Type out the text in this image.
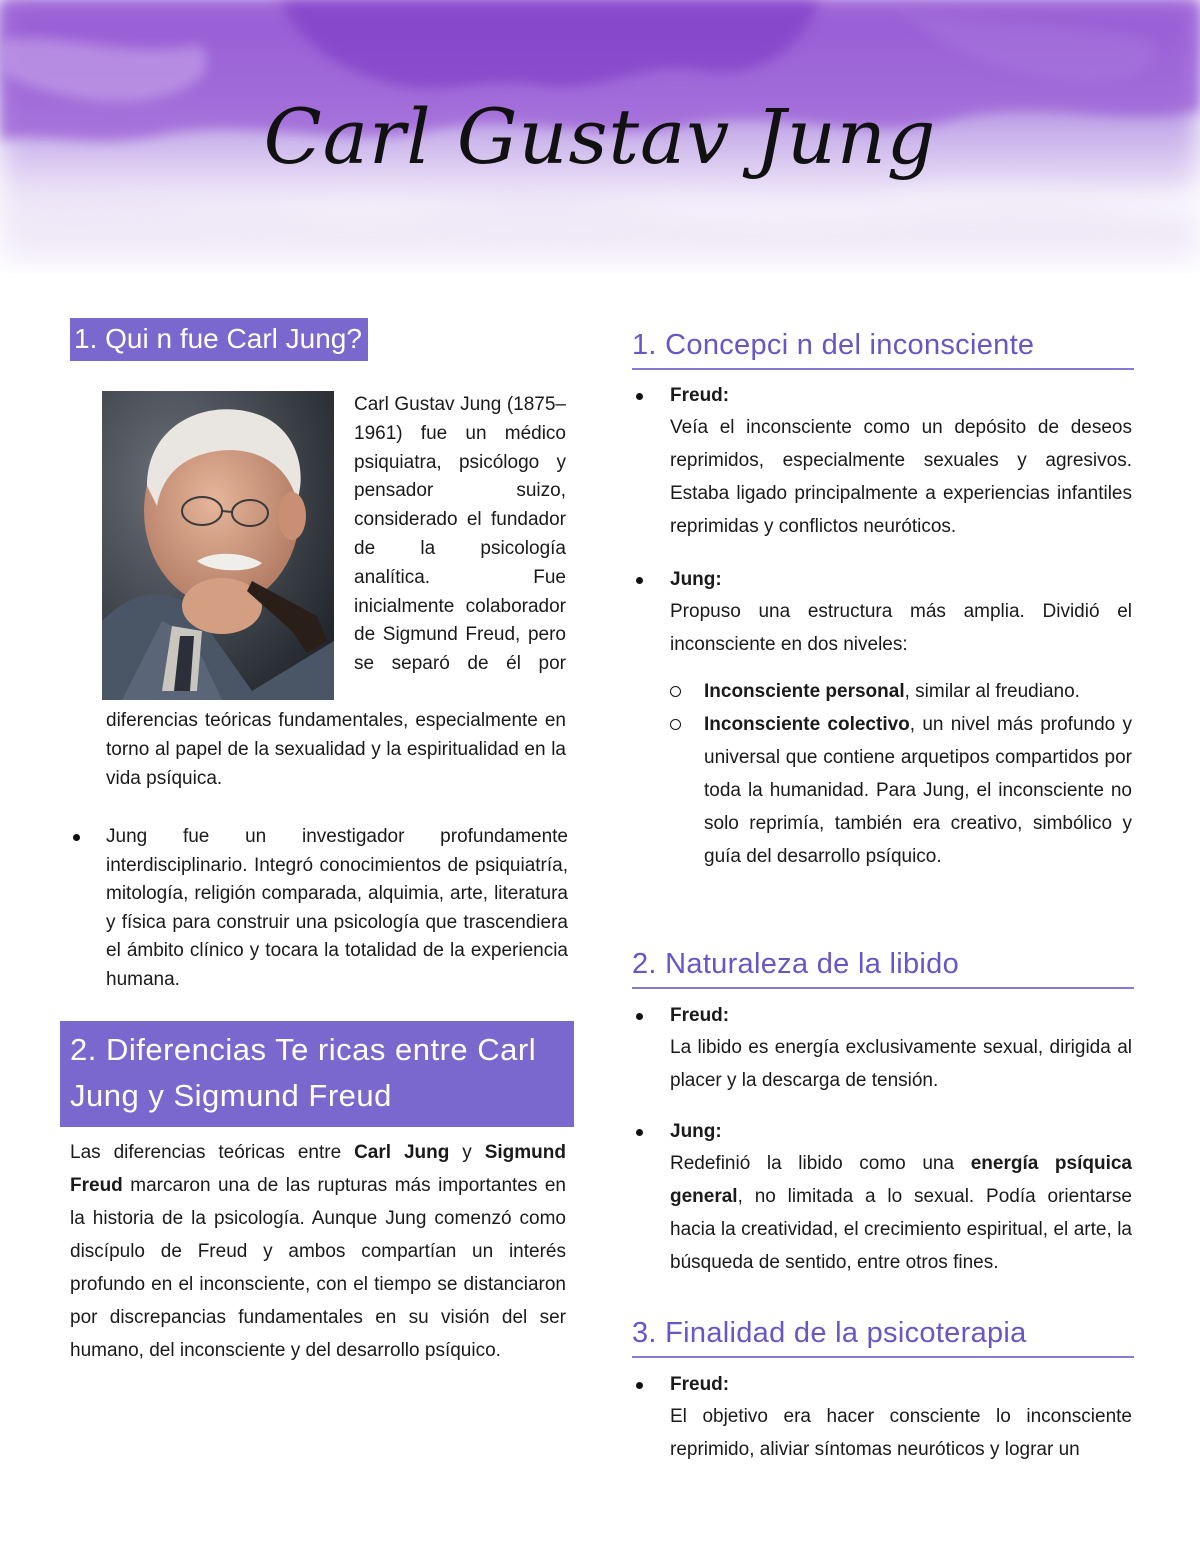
Carl Gustav Jung
1. Qui n fue Carl Jung?

Carl Gustav Jung (1875–1961) fue un médico psiquiatra, psicólogo y pensador suizo, considerado el fundador de la psicología analítica. Fue inicialmente colaborador de Sigmund Freud, pero se separó de él por

diferencias teóricas fundamentales, especialmente en torno al papel de la sexualidad y la espiritualidad en la vida psíquica.

Jung fue un investigador profundamente interdisciplinario. Integró conocimientos de psiquiatría, mitología, religión comparada, alquimia, arte, literatura y física para construir una psicología que trascendiera el ámbito clínico y tocara la totalidad de la experiencia humana.
2. Diferencias Te ricas entre Carl
Jung y Sigmund Freud

Las diferencias teóricas entre Carl Jung y Sigmund Freud marcaron una de las rupturas más importantes en la historia de la psicología. Aunque Jung comenzó como discípulo de Freud y ambos compartían un interés profundo en el inconsciente, con el tiempo se distanciaron por discrepancias fundamentales en su visión del ser humano, del inconsciente y del desarrollo psíquico.

1. Concepci n del inconsciente
Freud:
Veía el inconsciente como un depósito de deseos reprimidos, especialmente sexuales y agresivos. Estaba ligado principalmente a experiencias infantiles reprimidas y conflictos neuróticos.
Jung:
Propuso una estructura más amplia. Dividió el inconsciente en dos niveles:
Inconsciente personal, similar al freudiano.
Inconsciente colectivo, un nivel más profundo y universal que contiene arquetipos compartidos por toda la humanidad. Para Jung, el inconsciente no solo reprimía, también era creativo, simbólico y guía del desarrollo psíquico.
2. Naturaleza de la libido
Freud:
La libido es energía exclusivamente sexual, dirigida al placer y la descarga de tensión.
Jung:
Redefinió la libido como una energía psíquica general, no limitada a lo sexual. Podía orientarse hacia la creatividad, el crecimiento espiritual, el arte, la búsqueda de sentido, entre otros fines.
3. Finalidad de la psicoterapia
Freud:
El objetivo era hacer consciente lo inconsciente reprimido, aliviar síntomas neuróticos y lograr un
